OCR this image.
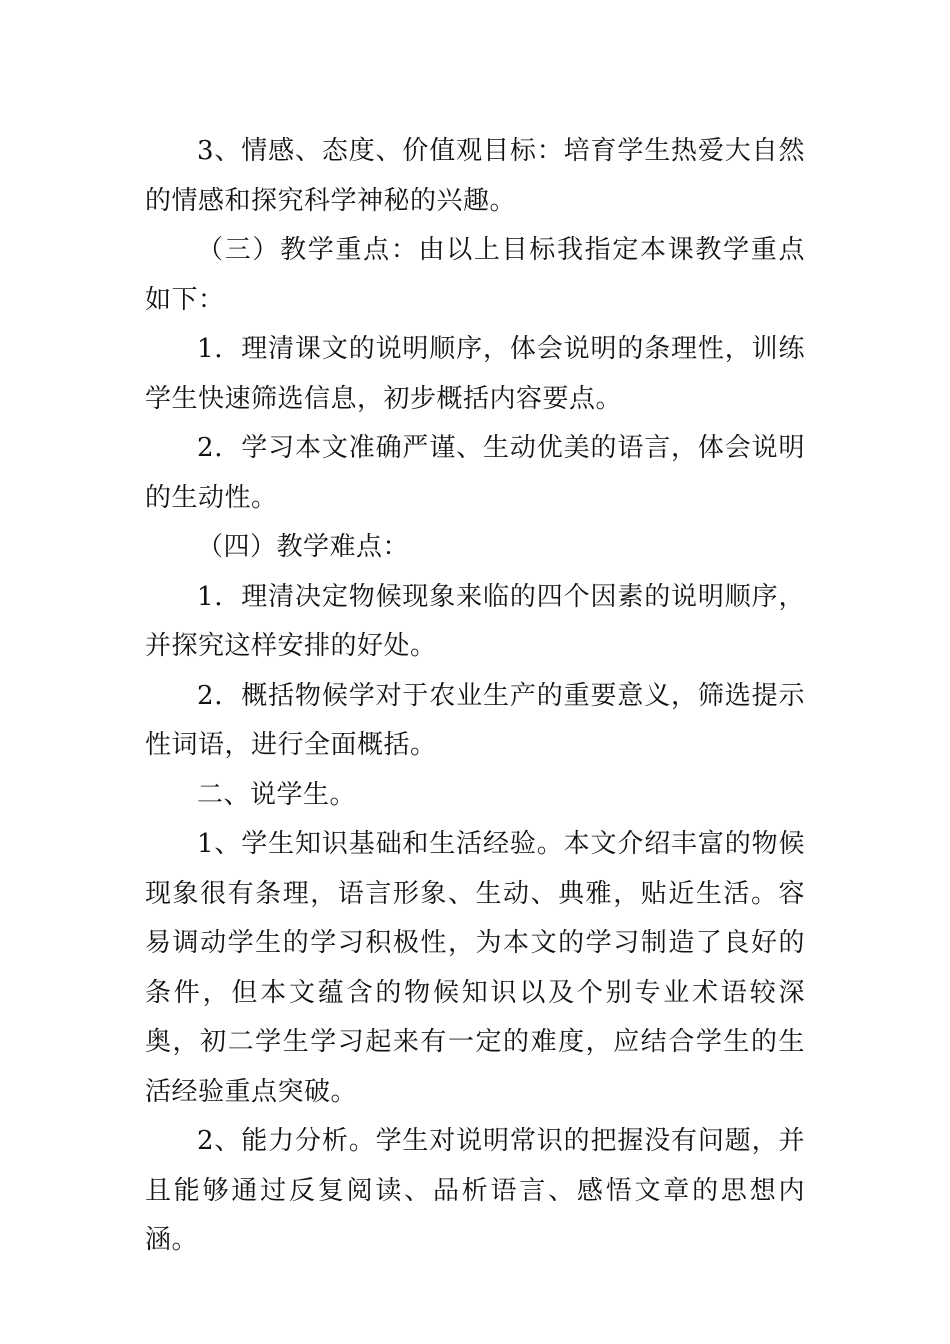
3、情感、态度、价值观目标：培育学生热爱大自然的情感和探究科学神秘的兴趣。

（三）教学重点：由以上目标我指定本课教学重点如下：

1．理清课文的说明顺序，体会说明的条理性，训练学生快速筛选信息，初步概括内容要点。

2．学习本文准确严谨、生动优美的语言，体会说明的生动性。

（四）教学难点：

1．理清决定物候现象来临的四个因素的说明顺序，并探究这样安排的好处。

2．概括物候学对于农业生产的重要意义，筛选提示性词语，进行全面概括。

二、说学生。

1、学生知识基础和生活经验。本文介绍丰富的物候现象很有条理，语言形象、生动、典雅，贴近生活。容易调动学生的学习积极性，为本文的学习制造了良好的条件，但本文蕴含的物候知识以及个别专业术语较深奥，初二学生学习起来有一定的难度，应结合学生的生活经验重点突破。

2、能力分析。学生对说明常识的把握没有问题，并且能够通过反复阅读、品析语言、感悟文章的思想内涵。
